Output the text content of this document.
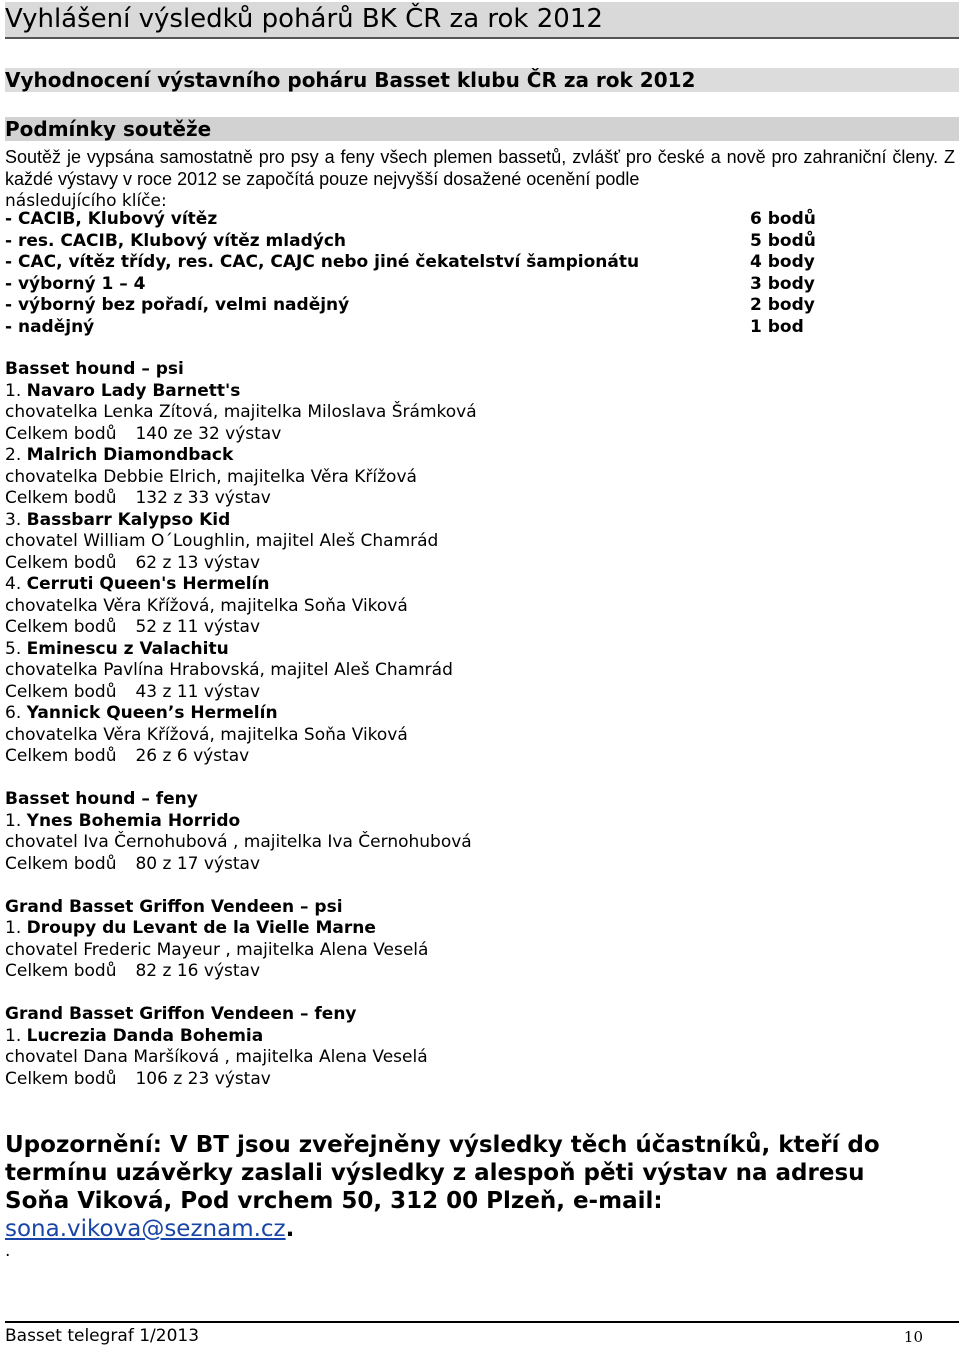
Vyhlášení výsledků pohárů BK ČR za rok 2012
Vyhodnocení výstavního poháru Basset klubu ČR za rok 2012
Podmínky soutěže
Soutěž je vypsána samostatně pro psy a feny všech plemen bassetů, zvlášť pro české a nově pro zahraniční členy. Z každé výstavy v roce 2012 se započítá pouze nejvyšší dosažené ocenění podle
následujícího klíče:
- CACIB, Klubový vítěz	6 bodů
- res. CACIB, Klubový vítěz mladých	5 bodů
- CAC, vítěz třídy, res. CAC, CAJC nebo jiné čekatelství šampionátu	4 body
- výborný 1 – 4	3 body
- výborný bez pořadí, velmi nadějný	2 body
- nadějný	1 bod
Basset hound – psi
1. Navaro Lady Barnett's
chovatelka Lenka Zítová, majitelka Miloslava Šrámková
Celkem bodů 140 ze 32 výstav
2. Malrich Diamondback
chovatelka Debbie Elrich, majitelka Věra Křížová
Celkem bodů 132 z 33 výstav
3. Bassbarr Kalypso Kid
chovatel William O´Loughlin, majitel Aleš Chamrád
Celkem bodů 62 z 13 výstav
4. Cerruti Queen's Hermelín
chovatelka Věra Křížová, majitelka Soňa Viková
Celkem bodů 52 z 11 výstav
5. Eminescu z Valachitu
chovatelka Pavlína Hrabovská, majitel Aleš Chamrád
Celkem bodů 43 z 11 výstav
6. Yannick Queen’s Hermelín
chovatelka Věra Křížová, majitelka Soňa Viková
Celkem bodů 26 z 6 výstav
Basset hound – feny
1. Ynes Bohemia Horrido
chovatel Iva Černohubová , majitelka Iva Černohubová
Celkem bodů 80 z 17 výstav
Grand Basset Griffon Vendeen – psi
1. Droupy du Levant de la Vielle Marne
chovatel Frederic Mayeur , majitelka Alena Veselá
Celkem bodů 82 z 16 výstav
Grand Basset Griffon Vendeen – feny
1. Lucrezia Danda Bohemia
chovatel Dana Maršíková , majitelka Alena Veselá
Celkem bodů 106 z 23 výstav
Upozornění: V BT jsou zveřejněny výsledky těch účastníků, kteří do
termínu uzávěrky zaslali výsledky z alespoň pěti výstav na adresu
Soňa Viková, Pod vrchem 50, 312 00 Plzeň, e-mail: sona.vikova@seznam.cz.
.
Basset telegraf 1/2013	10
